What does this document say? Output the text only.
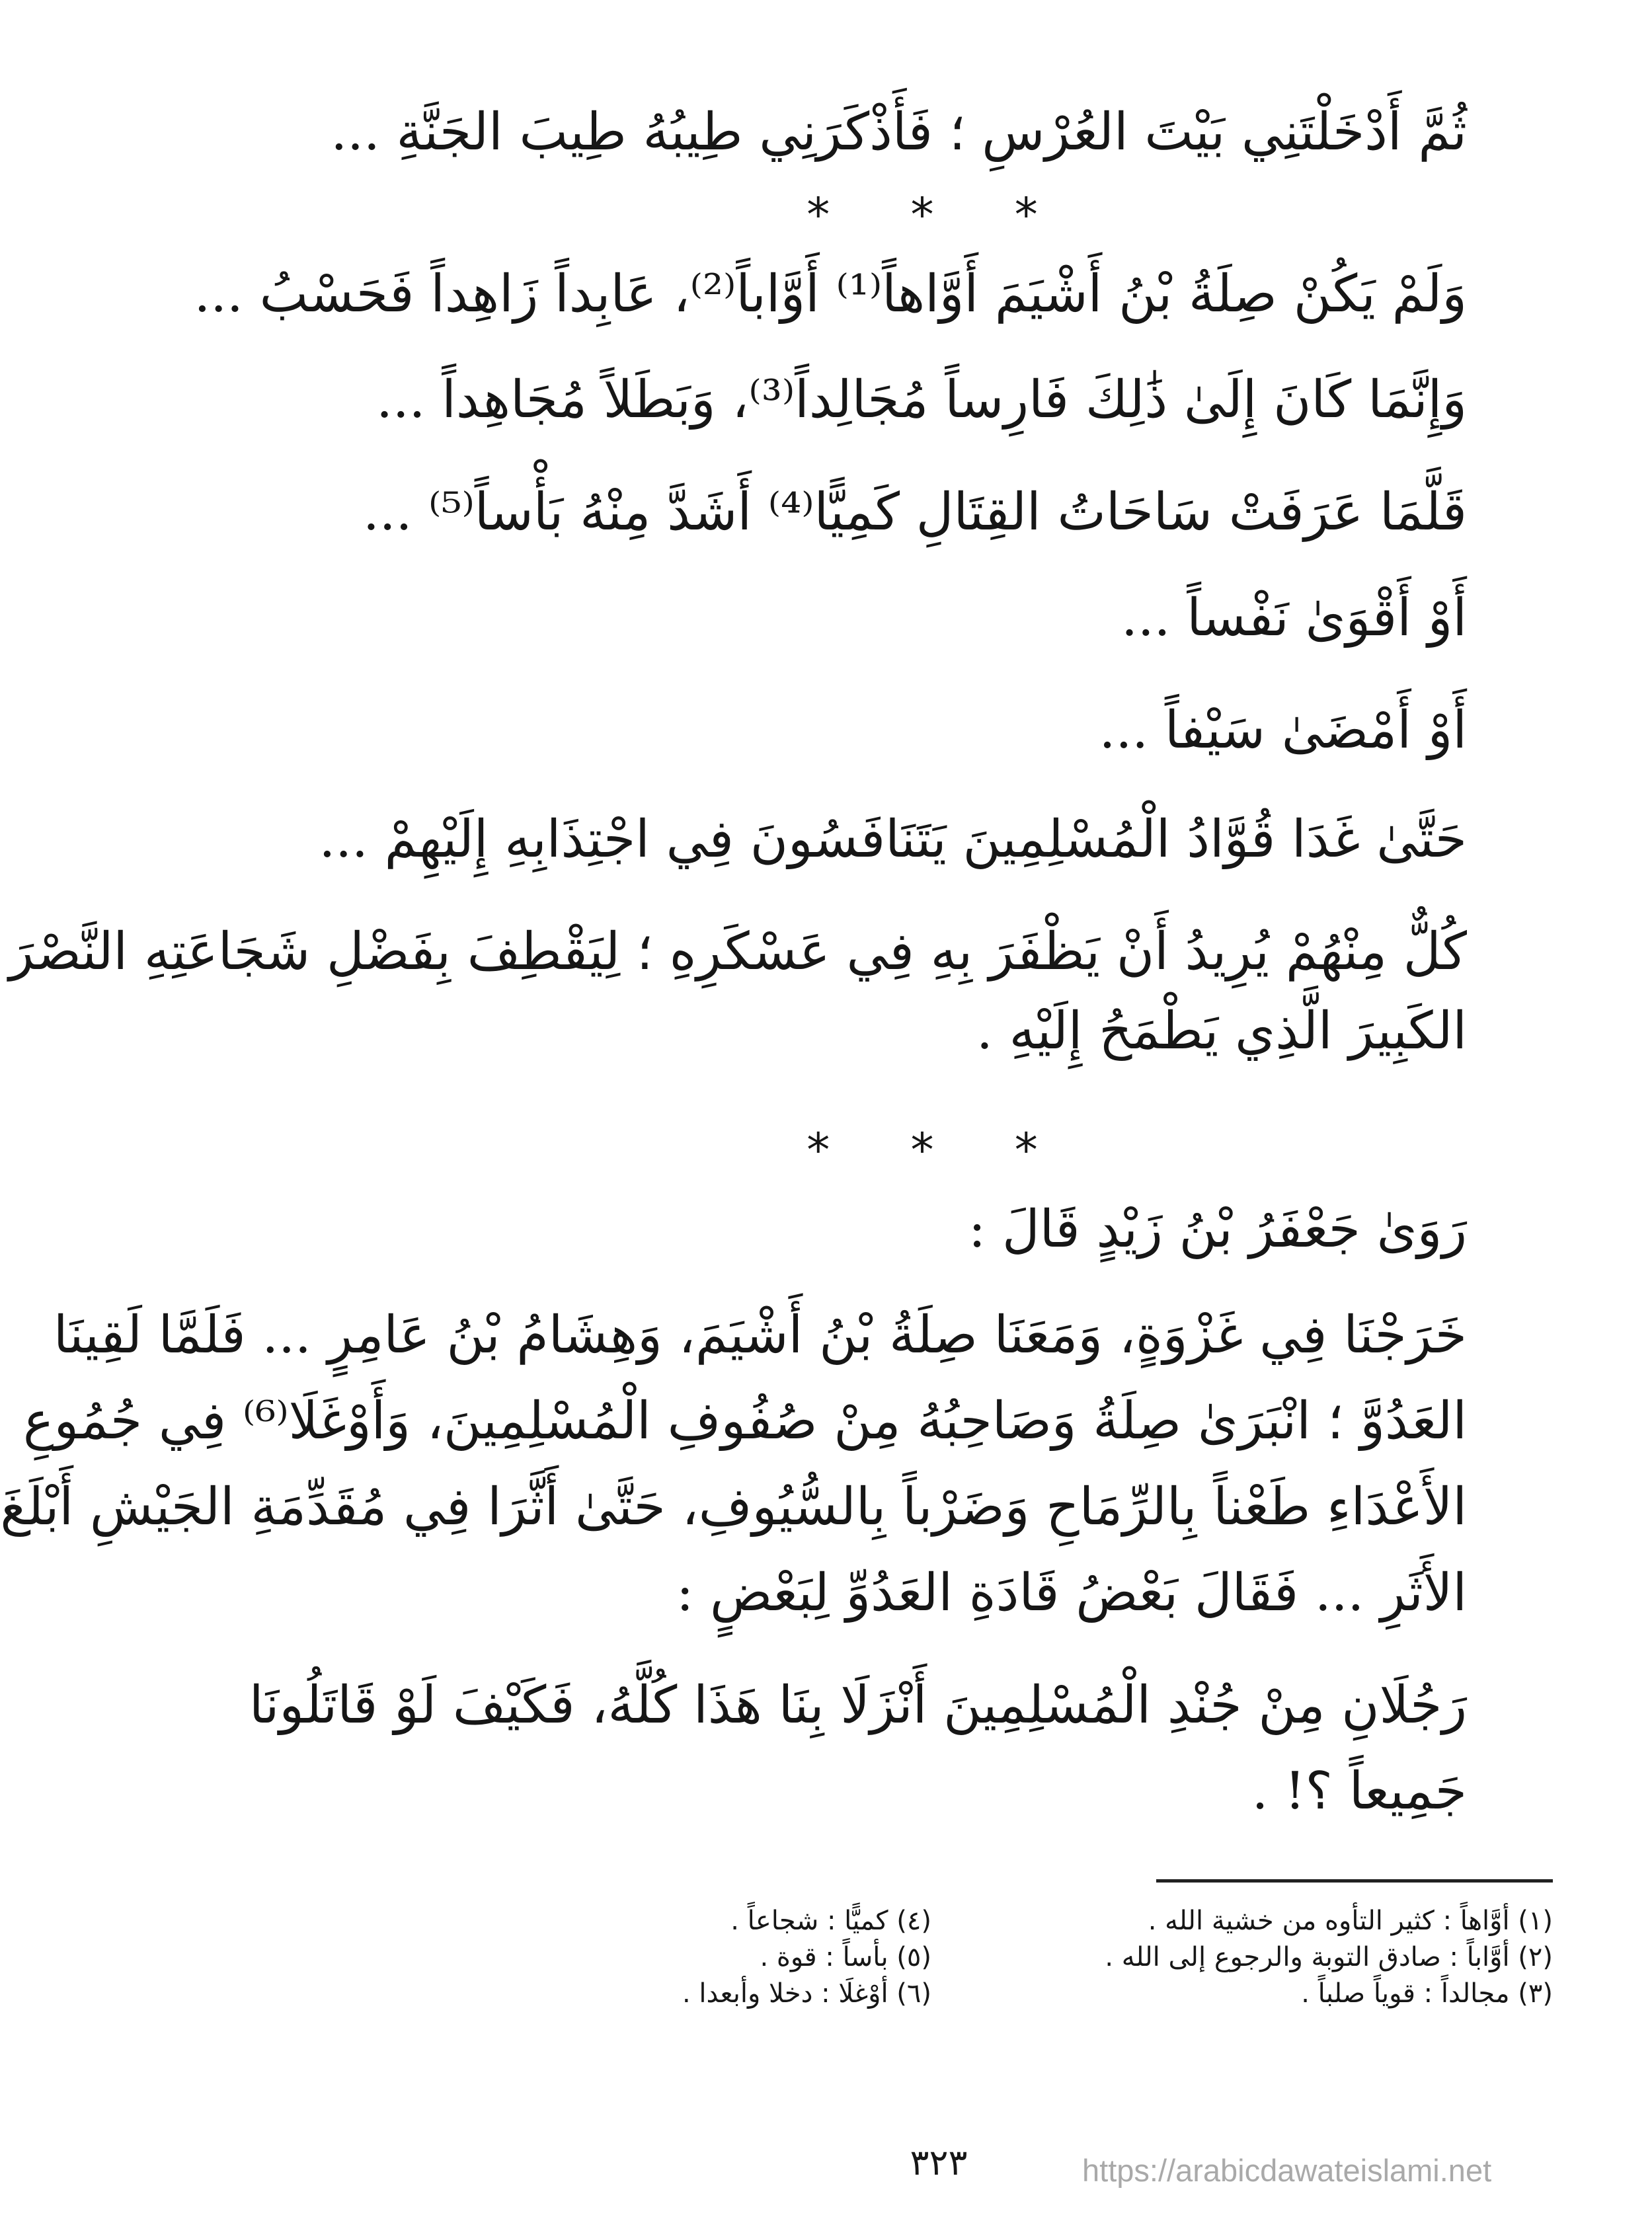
ثُمَّ أَدْخَلْتَنِي بَيْتَ العُرْسِ ؛ فَأَذْكَرَنِي طِيبُهُ طِيبَ الجَنَّةِ ...
* * *
وَلَمْ يَكُنْ صِلَةُ بْنُ أَشْيَمَ أَوَّاهاً⁽¹⁾ أَوَّاباً⁽²⁾، عَابِداً زَاهِداً فَحَسْبُ ...
وَإِنَّمَا كَانَ إِلَىٰ ذَٰلِكَ فَارِساً مُجَالِداً⁽³⁾، وَبَطَلاً مُجَاهِداً ...
قَلَّمَا عَرَفَتْ سَاحَاتُ القِتَالِ كَمِيًّا⁽⁴⁾ أَشَدَّ مِنْهُ بَأْساً⁽⁵⁾ ...
أَوْ أَقْوَىٰ نَفْساً ...
أَوْ أَمْضَىٰ سَيْفاً ...
حَتَّىٰ غَدَا قُوَّادُ الْمُسْلِمِينَ يَتَنَافَسُونَ فِي اجْتِذَابِهِ إِلَيْهِمْ ...
كُلٌّ مِنْهُمْ يُرِيدُ أَنْ يَظْفَرَ بِهِ فِي عَسْكَرِهِ ؛ لِيَقْطِفَ بِفَضْلِ شَجَاعَتِهِ النَّصْرَ
الكَبِيرَ الَّذِي يَطْمَحُ إِلَيْهِ .
* * *
رَوَىٰ جَعْفَرُ بْنُ زَيْدٍ قَالَ :
خَرَجْنَا فِي غَزْوَةٍ، وَمَعَنَا صِلَةُ بْنُ أَشْيَمَ، وَهِشَامُ بْنُ عَامِرٍ ... فَلَمَّا لَقِينَا
العَدُوَّ ؛ انْبَرَىٰ صِلَةُ وَصَاحِبُهُ مِنْ صُفُوفِ الْمُسْلِمِينَ، وَأَوْغَلَا⁽⁶⁾ فِي جُمُوعِ
الأَعْدَاءِ طَعْناً بِالرِّمَاحِ وَضَرْباً بِالسُّيُوفِ، حَتَّىٰ أَثَّرَا فِي مُقَدِّمَةِ الجَيْشِ أَبْلَغَ
الأَثَرِ ... فَقَالَ بَعْضُ قَادَةِ العَدُوِّ لِبَعْضٍ :
رَجُلَانِ مِنْ جُنْدِ الْمُسْلِمِينَ أَنْزَلَا بِنَا هَذَا كُلَّهُ، فَكَيْفَ لَوْ قَاتَلُونَا
جَمِيعاً ؟! .
(١) أوَّاهاً : كثير التأوه من خشية الله .
(٢) أوَّاباً : صادق التوبة والرجوع إلى الله .
(٣) مجالداً : قوياً صلباً .
(٤) كميًّا : شجاعاً .
(٥) بأساً : قوة .
(٦) أوْغلَا : دخلا وأبعدا .
٣٢٣	https://arabicdawateislami.net
